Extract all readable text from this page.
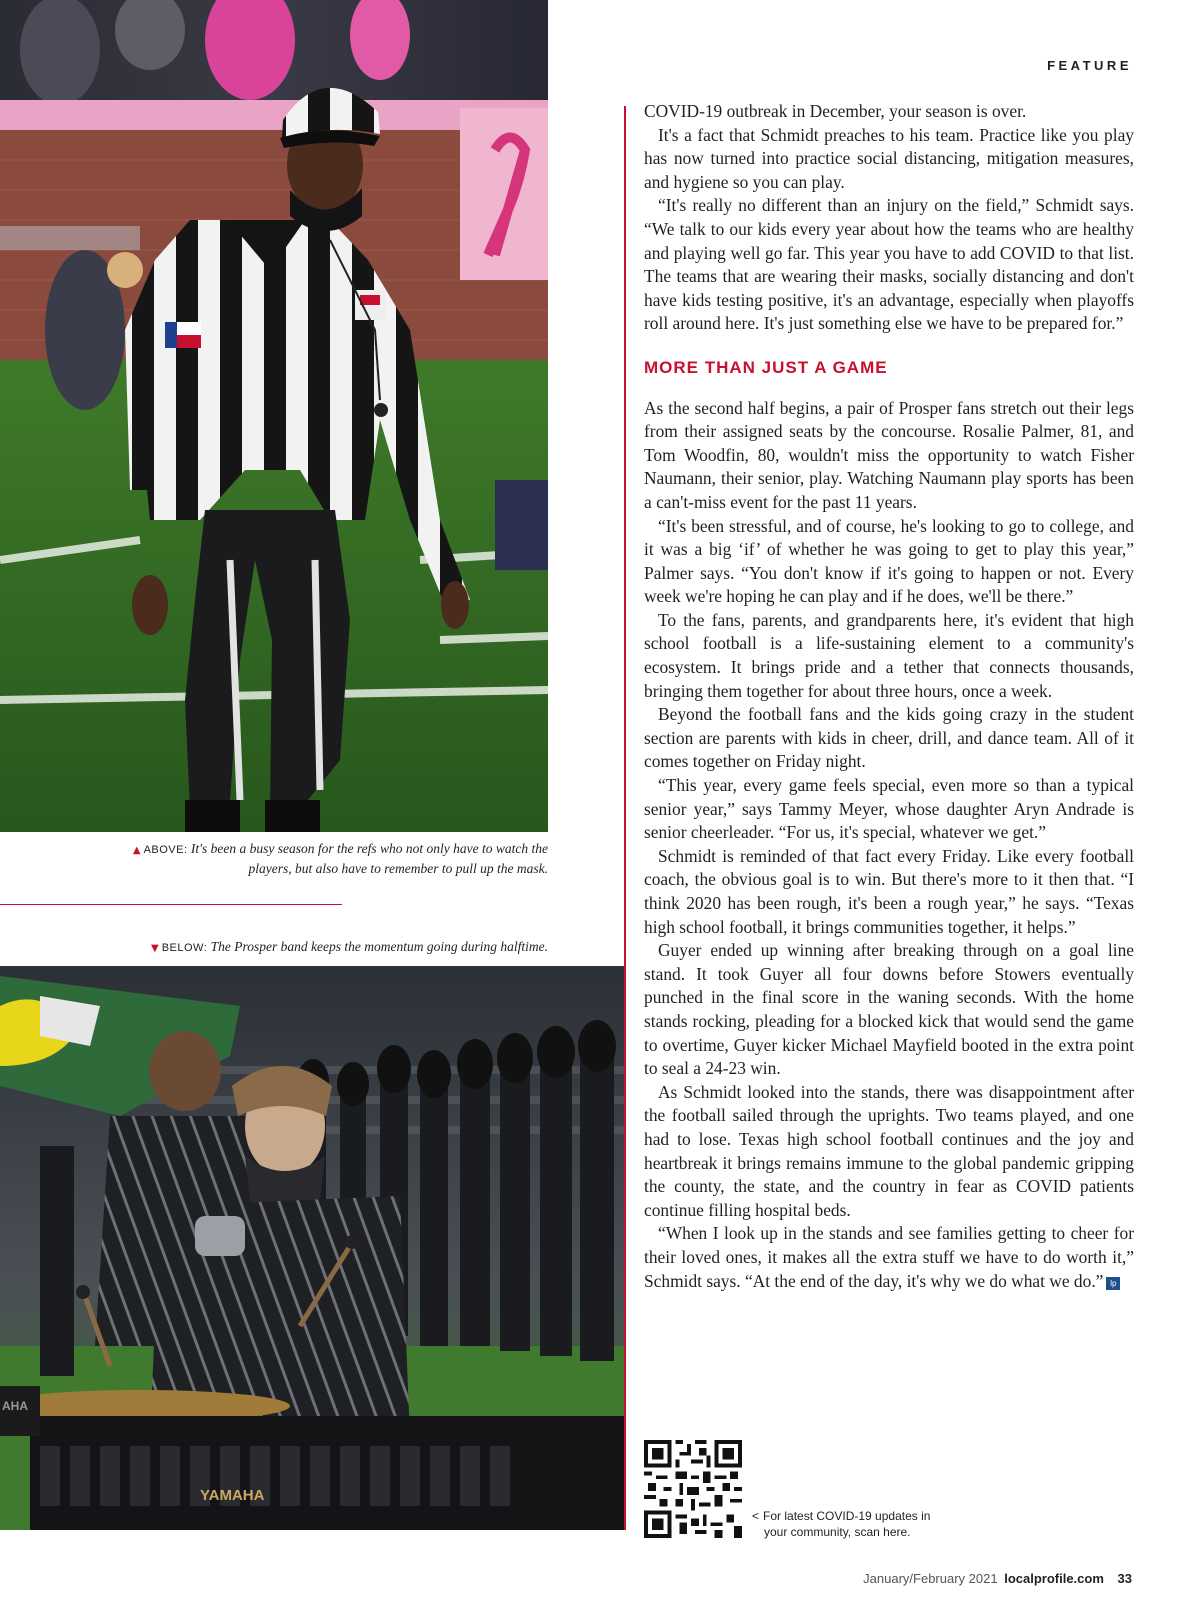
▲ ABOVE: It's been a busy season for the refs who not only have to watch the players, but also have to remember to pull up the mask.
▼ BELOW: The Prosper band keeps the momentum going during halftime.
YAMAHA
AHA
FEATURE

COVID-19 outbreak in December, your season is over.

It's a fact that Schmidt preaches to his team. Practice like you play has now turned into practice social distancing, mitigation measures, and hygiene so you can play.

“It's really no different than an injury on the field,” Schmidt says. “We talk to our kids every year about how the teams who are healthy and playing well go far. This year you have to add COVID to that list. The teams that are wearing their masks, socially distancing and don't have kids testing positive, it's an advantage, especially when playoffs roll around here. It's just something else we have to be prepared for.”

MORE THAN JUST A GAME

As the second half begins, a pair of Prosper fans stretch out their legs from their assigned seats by the concourse. Rosalie Palmer, 81, and Tom Woodfin, 80, wouldn't miss the opportunity to watch Fisher Naumann, their senior, play. Watching Naumann play sports has been a can't-miss event for the past 11 years.

“It's been stressful, and of course, he's looking to go to college, and it was a big ‘if’ of whether he was going to get to play this year,” Palmer says. “You don't know if it's going to happen or not. Every week we're hoping he can play and if he does, we'll be there.”

To the fans, parents, and grandparents here, it's evident that high school football is a life-sustaining element to a community's ecosystem. It brings pride and a tether that connects thousands, bringing them together for about three hours, once a week.

Beyond the football fans and the kids going crazy in the student section are parents with kids in cheer, drill, and dance team. All of it comes together on Friday night.

“This year, every game feels special, even more so than a typical senior year,” says Tammy Meyer, whose daughter Aryn Andrade is senior cheerleader. “For us, it's special, whatever we get.”

Schmidt is reminded of that fact every Friday. Like every football coach, the obvious goal is to win. But there's more to it then that. “I think 2020 has been rough, it's been a rough year,” he says. “Texas high school football, it brings communities together, it helps.”

Guyer ended up winning after breaking through on a goal line stand. It took Guyer all four downs before Stowers eventually punched in the final score in the waning seconds. With the home stands rocking, pleading for a blocked kick that would send the game to overtime, Guyer kicker Michael Mayfield booted in the extra point to seal a 24-23 win.

As Schmidt looked into the stands, there was disappointment after the football sailed through the uprights. Two teams played, and one had to lose. Texas high school football continues and the joy and heartbreak it brings remains immune to the global pandemic gripping the county, the state, and the country in fear as COVID patients continue filling hospital beds.

“When I look up in the stands and see families getting to cheer for their loved ones, it makes all the extra stuff we have to do worth it,” Schmidt says. “At the end of the day, it's why we do what we do.” lp

< For latest COVID-19 updates in
your community, scan here.
January/February 2021 localprofile.com 33
